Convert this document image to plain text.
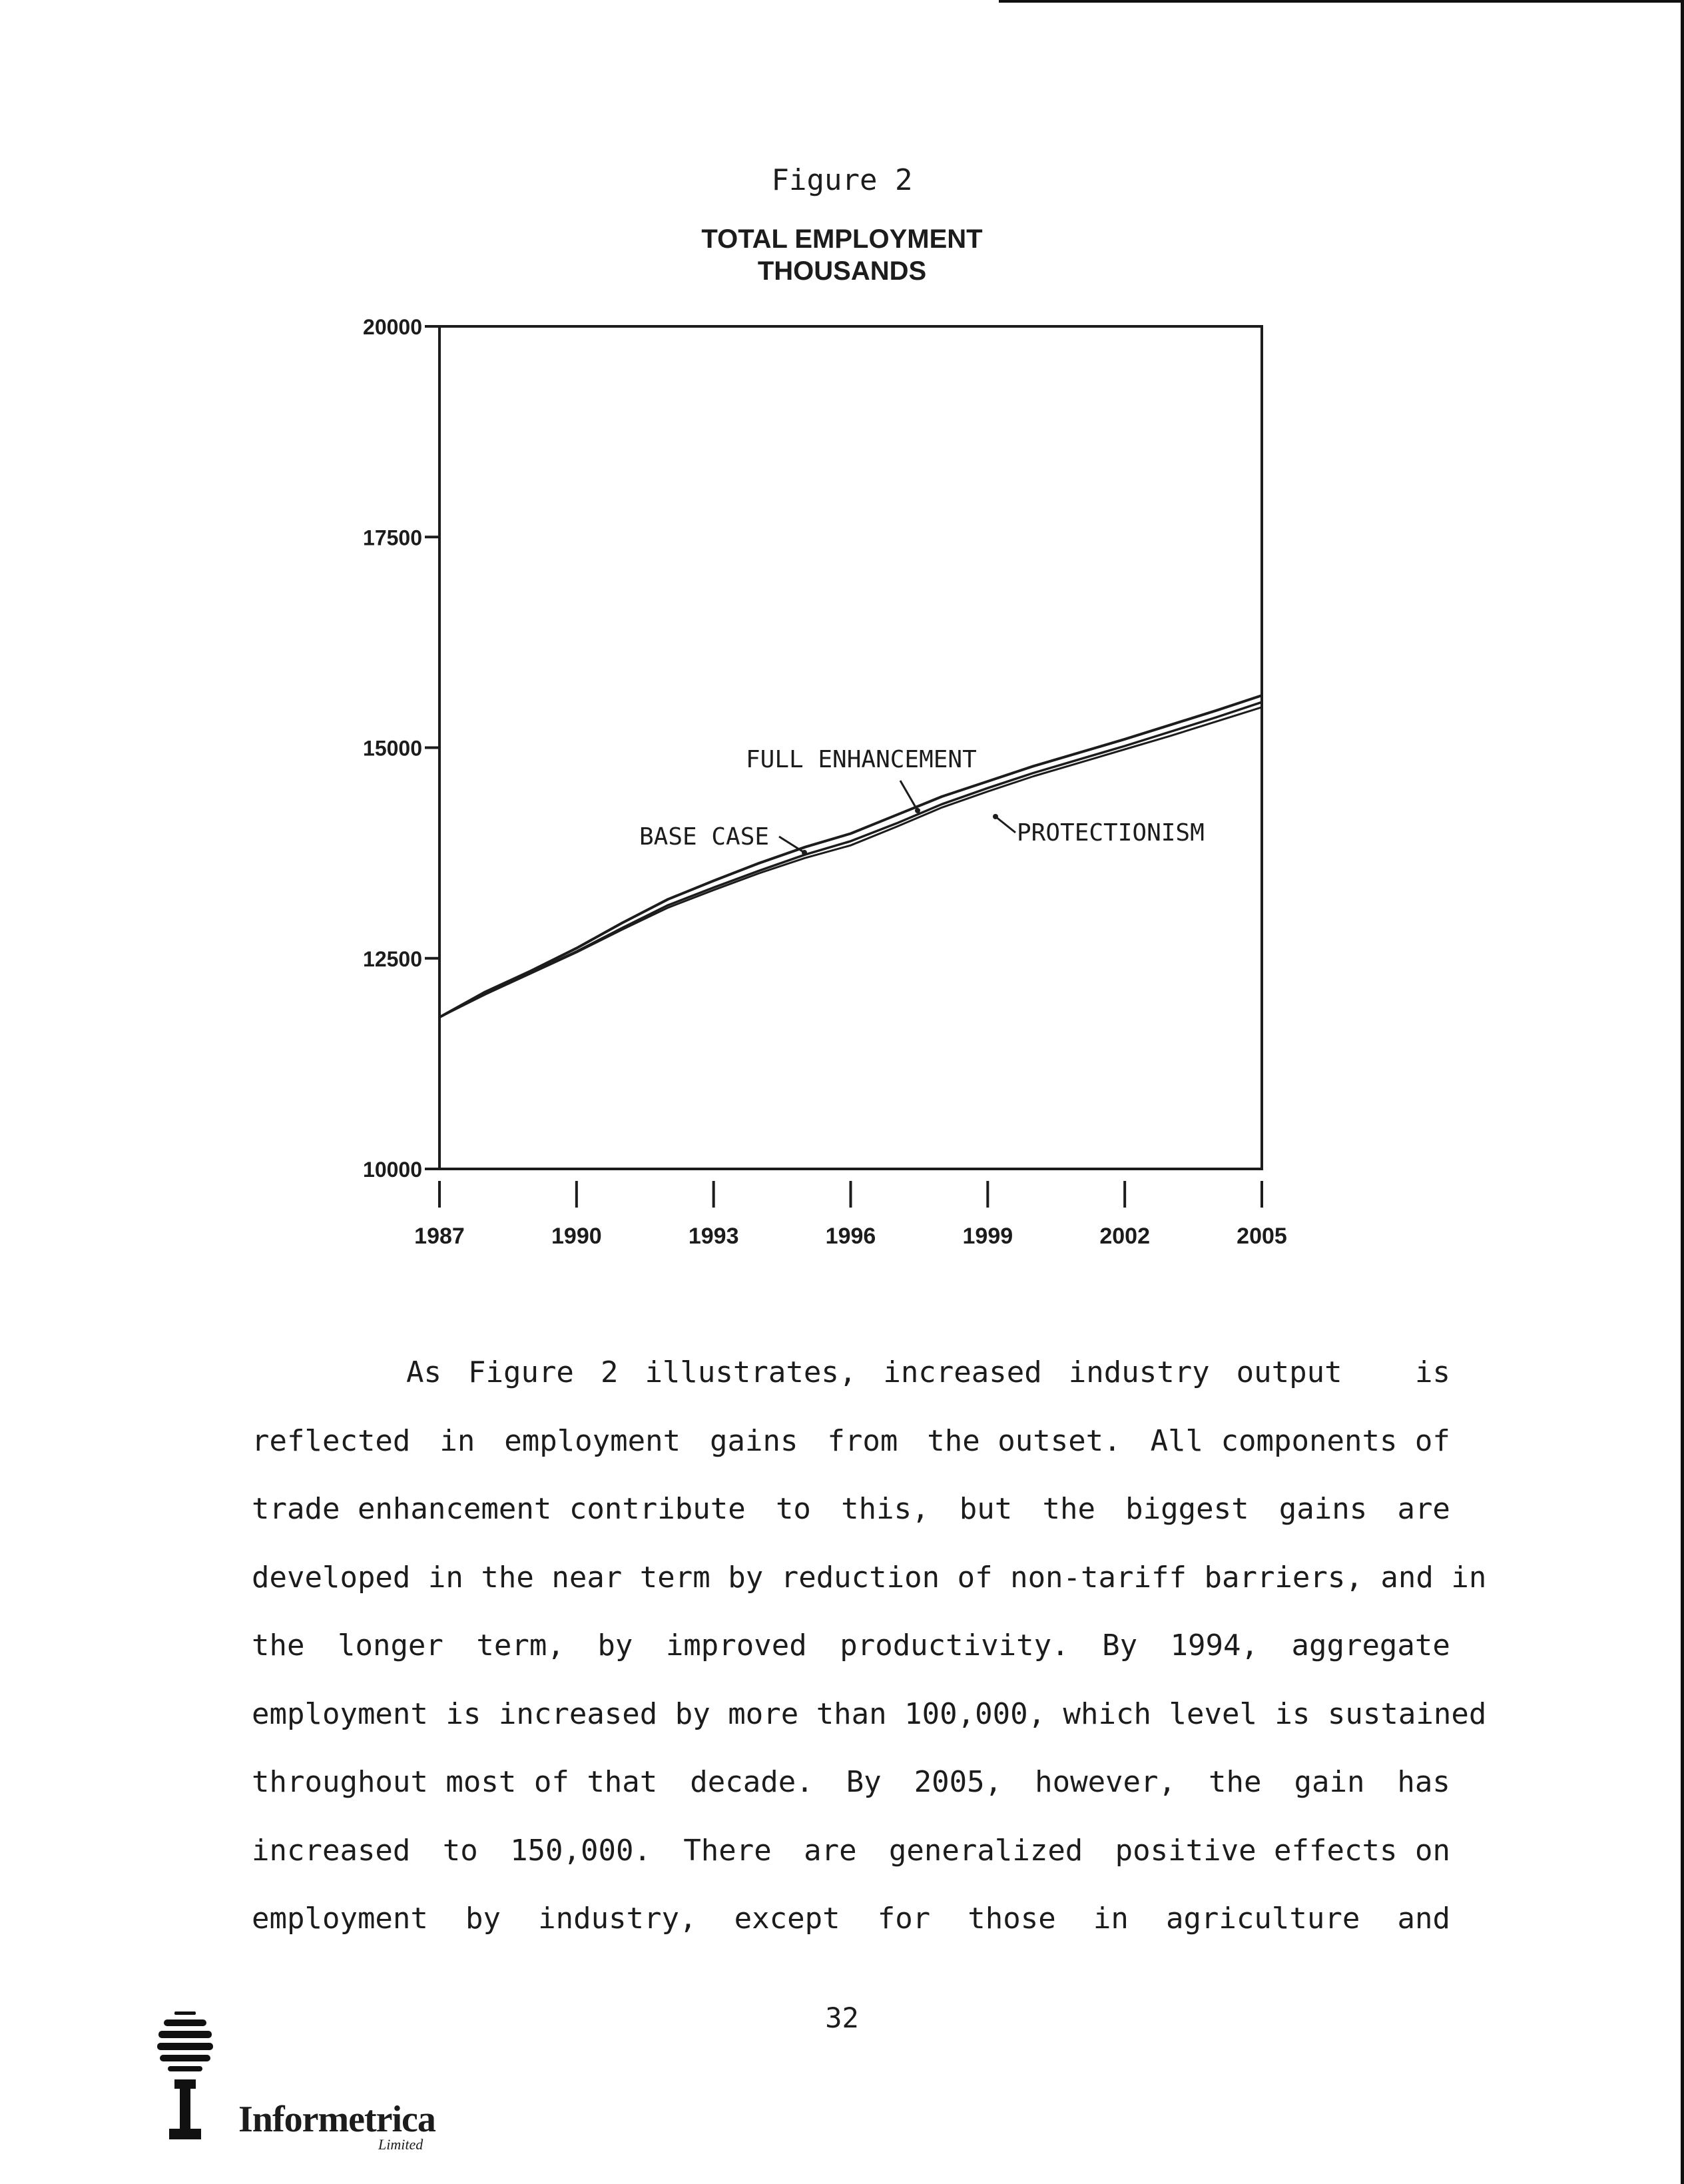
Figure 2
TOTAL EMPLOYMENT
THOUSANDS
10000
12500
15000
17500
20000
1987	1990	1993	1996	1999	2002	2005
FULL ENHANCEMENT
BASE CASE	PROTECTIONISM
As Figure 2 illustrates, increased industry output is
reflected in employment gains from the outset. All components of
trade enhancement contribute to this, but the biggest gains are
developed in the near term by reduction of non-tariff barriers, and in
the longer term, by improved productivity. By 1994, aggregate
employment is increased by more than 100,000, which level is sustained
throughout most of that decade. By 2005, however, the gain has
increased to 150,000. There are generalized positive effects on
employment by industry, except for those in agriculture and
32
Informetrica
Limited
